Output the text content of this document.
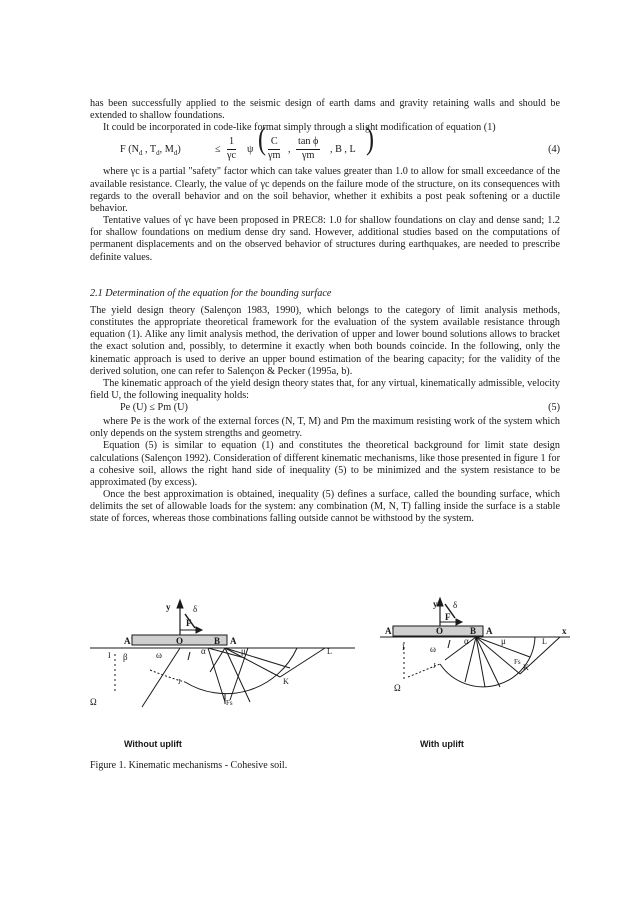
has been successfully applied to the seismic design of earth dams and gravity retaining walls and should be extended to shallow foundations.

It could be incorporated in code-like format simply through a slight modification of equation (1)

F ($N_d$ , $T_d$, $M_d$)	≤ $\frac{1}{\gamma c}$ ψ ( $\frac{C}{\gamma m}$ , $\frac{\text{tan ϕ}}{\gamma m}$ , B , L )	(4)

where γc is a partial "safety" factor which can take values greater than 1.0 to allow for small exceedance of the available resistance. Clearly, the value of γc depends on the failure mode of the structure, on its consequences with regards to the overall behavior and on the soil behavior, whether it exhibits a post peak softening or a ductile behavior.

Tentative values of γc have been proposed in PREC8: 1.0 for shallow foundations on clay and dense sand; 1.2 for shallow foundations on medium dense dry sand. However, additional studies based on the computations of permanent displacements and on the observed behavior of structures during earthquakes, are needed to prescribe definite values.

2.1 Determination of the equation for the bounding surface

The yield design theory (Salençon 1983, 1990), which belongs to the category of limit analysis methods, constitutes the appropriate theoretical framework for the evaluation of the system available resistance through equation (1). Alike any limit analysis method, the derivation of upper and lower bound solutions allows to bracket the exact solution and, possibly, to determine it exactly when both bounds coincide. In the following, only the kinematic approach is used to derive an upper bound estimation of the bearing capacity; for the validity of the derived solution, one can refer to Salençon & Pecker (1995a, b).

The kinematic approach of the yield design theory states that, for any virtual, kinematically admissible, velocity field U, the following inequality holds:

Pe (U) ≤ Pm (U)	(5)

where Pe is the work of the external forces (N, T, M) and Pm the maximum resisting work of the system which only depends on the system strengths and geometry.

Equation (5) is similar to equation (1) and constitutes the theoretical background for limit state design calculations (Salençon 1992). Consideration of different kinematic mechanisms, like those presented in figure 1 for a cohesive soil, allows the right hand side of inequality (5) to be minimized and the system resistance to be approximated (by excess).

Once the best approximation is obtained, inequality (5) defines a surface, called the bounding surface, which delimits the set of allowable loads for the system: any combination (M, N, T) falling inside the surface is a stable state of forces, whereas those combinations falling outside cannot be withstood by the system.

y	δ
F
A'	O	B A
I β	ω	α	μ	L
J	K
Ω	Fs
y δ
F
A'	O	B A	x
I	ω
α	μ	L
J	K
Ω
Fs
Without uplift	With uplift
Figure 1. Kinematic mechanisms - Cohesive soil.
